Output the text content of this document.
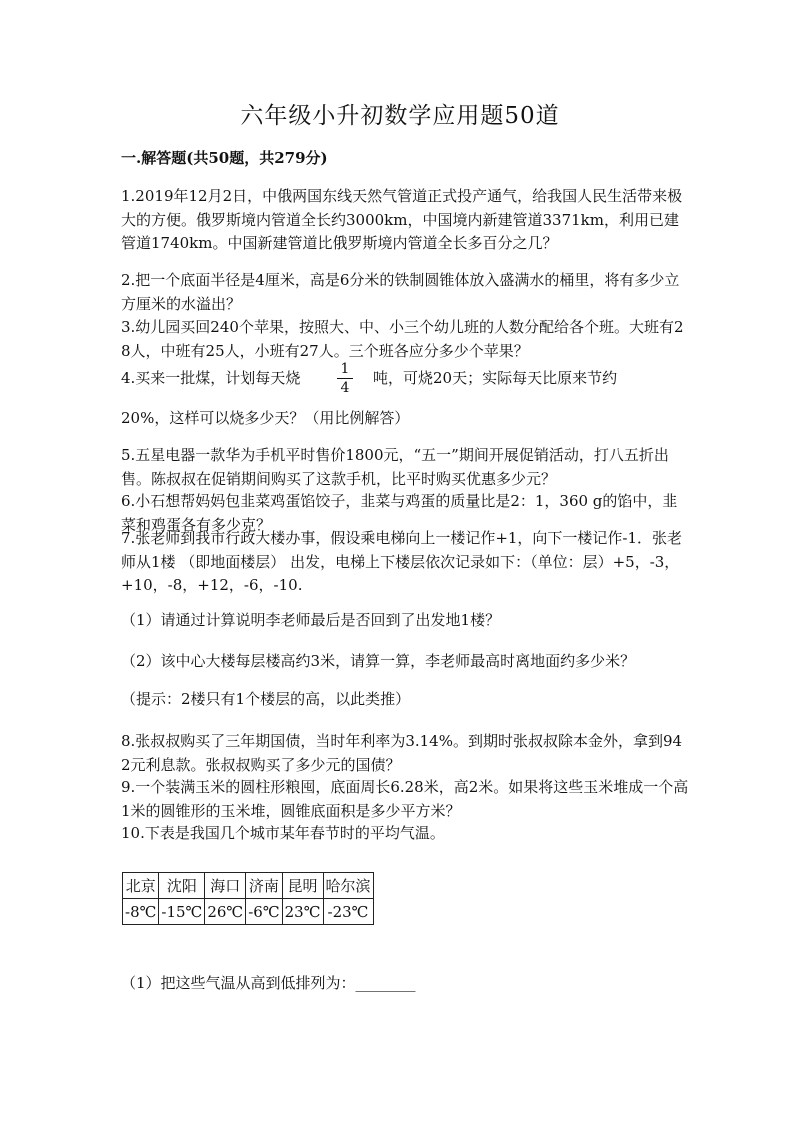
六年级小升初数学应用题50道
一.解答题(共50题，共279分)
1.2019年12月2日，中俄两国东线天然气管道正式投产通气，给我国人民生活带来极大的方便。俄罗斯境内管道全长约3000km，中国境内新建管道3371km，利用已建管道1740km。中国新建管道比俄罗斯境内管道全长多百分之几？
2.把一个底面半径是4厘米，高是6分米的铁制圆锥体放入盛满水的桶里，将有多少立方厘米的水溢出？
3.幼儿园买回240个苹果，按照大、中、小三个幼儿班的人数分配给各个班。大班有28人，中班有25人，小班有27人。三个班各应分多少个苹果？
4.买来一批煤，计划每天烧	1
4
吨，可烧20天；实际每天比原来节约
20%，这样可以烧多少天？（用比例解答）
5.五星电器一款华为手机平时售价1800元，“五一”期间开展促销活动，打八五折出售。陈叔叔在促销期间购买了这款手机，比平时购买优惠多少元？
6.小石想帮妈妈包韭菜鸡蛋馅饺子，韭菜与鸡蛋的质量比是2：1，360 g的馅中，韭菜和鸡蛋各有多少克？
7.张老师到我市行政大楼办事，假设乘电梯向上一楼记作+1，向下一楼记作-1．张老师从1楼 （即地面楼层） 出发，电梯上下楼层依次记录如下：（单位：层）+5，-3，+10，-8，+12，-6，-10.
（1）请通过计算说明李老师最后是否回到了出发地1楼？
（2）该中心大楼每层楼高约3米，请算一算，李老师最高时离地面约多少米？
（提示：2楼只有1个楼层的高，以此类推）
8.张叔叔购买了三年期国债，当时年利率为3.14%。到期时张叔叔除本金外，拿到942元利息款。张叔叔购买了多少元的国债？
9.一个装满玉米的圆柱形粮囤，底面周长6.28米，高2米。如果将这些玉米堆成一个高1米的圆锥形的玉米堆，圆锥底面积是多少平方米？
10.下表是我国几个城市某年春节时的平均气温。
北京	沈阳	海口	济南	昆明	哈尔滨
-8℃	-15℃	26℃	-6℃	23℃	-23℃
（1）把这些气温从高到低排列为：________
